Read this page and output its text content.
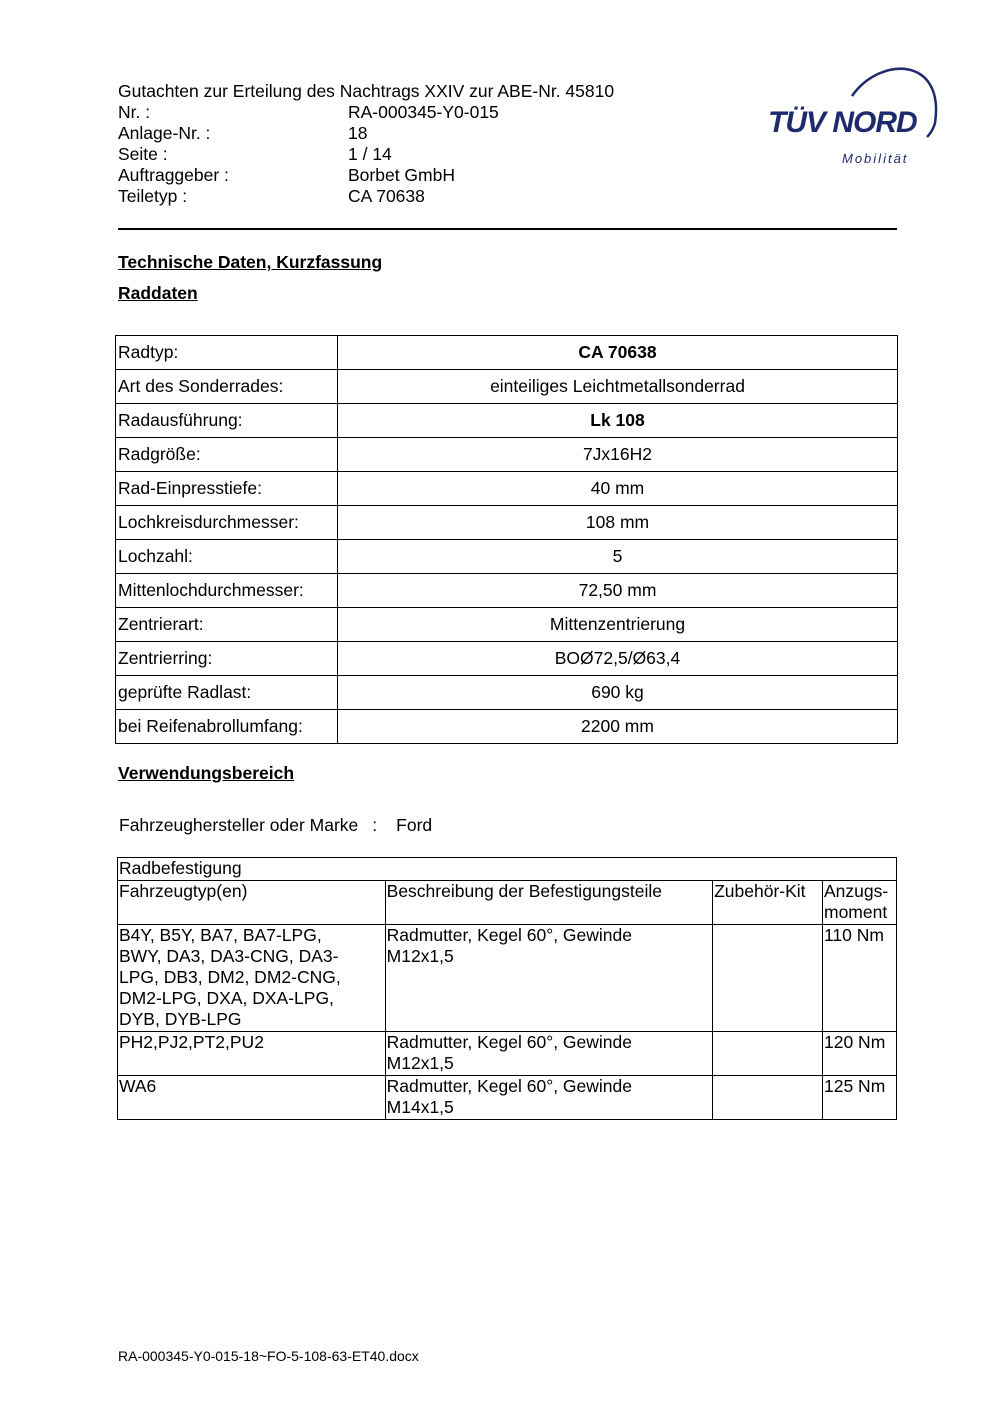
Gutachten zur Erteilung des Nachtrags XXIV zur ABE-Nr. 45810
Nr. :	RA-000345-Y0-015
Anlage-Nr. :	18
Seite :	1 / 14
Auftraggeber :	Borbet GmbH
Teiletyp :	CA 70638
TÜV NORD
Mobilität
Technische Daten, Kurzfassung
Raddaten
Radtyp:	CA 70638
Art des Sonderrades:	einteiliges Leichtmetallsonderrad
Radausführung:	Lk 108
Radgröße:	7Jx16H2
Rad-Einpresstiefe:	40 mm
Lochkreisdurchmesser:	108 mm
Lochzahl:	5
Mittenlochdurchmesser:	72,50 mm
Zentrierart:	Mittenzentrierung
Zentrierring:	BOØ72,5/Ø63,4
geprüfte Radlast:	690 kg
bei Reifenabrollumfang:	2200 mm
Verwendungsbereich
Fahrzeughersteller oder Marke : Ford
Radbefestigung			
Fahrzeugtyp(en)	Beschreibung der Befestigungsteile	Zubehör-Kit	Anzugs-
moment
B4Y, B5Y, BA7, BA7-LPG,
BWY, DA3, DA3-CNG, DA3-
LPG, DB3, DM2, DM2-CNG,
DM2-LPG, DXA, DXA-LPG,
DYB, DYB-LPG	Radmutter, Kegel 60°, Gewinde
M12x1,5		110 Nm
PH2,PJ2,PT2,PU2	Radmutter, Kegel 60°, Gewinde
M12x1,5		120 Nm
WA6	Radmutter, Kegel 60°, Gewinde
M14x1,5		125 Nm
RA-000345-Y0-015-18~FO-5-108-63-ET40.docx
